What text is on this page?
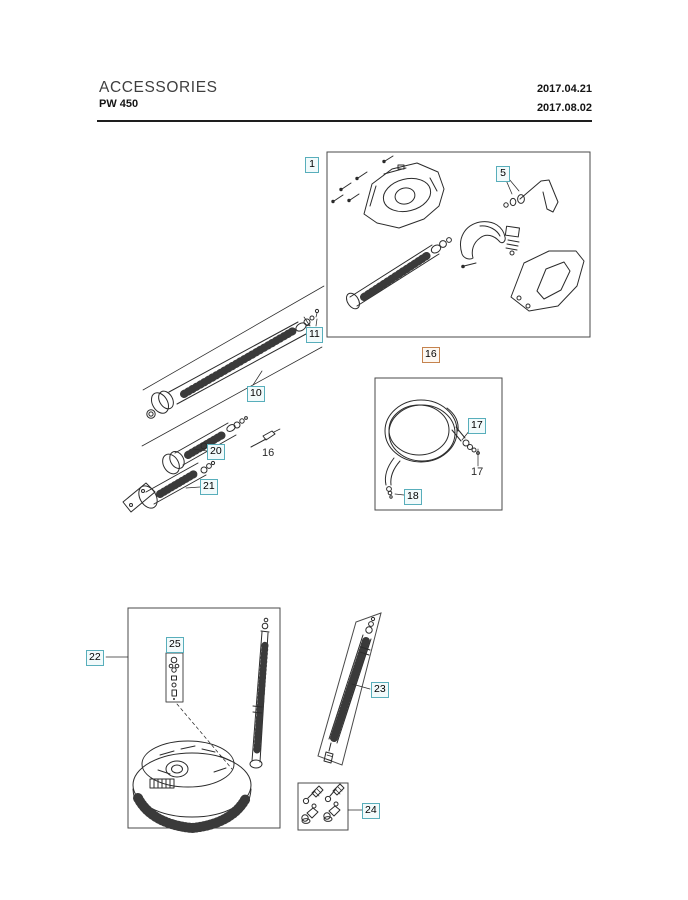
ACCESSORIES
PW 450
2017.04.21
2017.08.02
1
5
11
10
20	16
21
16
17
17
18
22
25
23
24
